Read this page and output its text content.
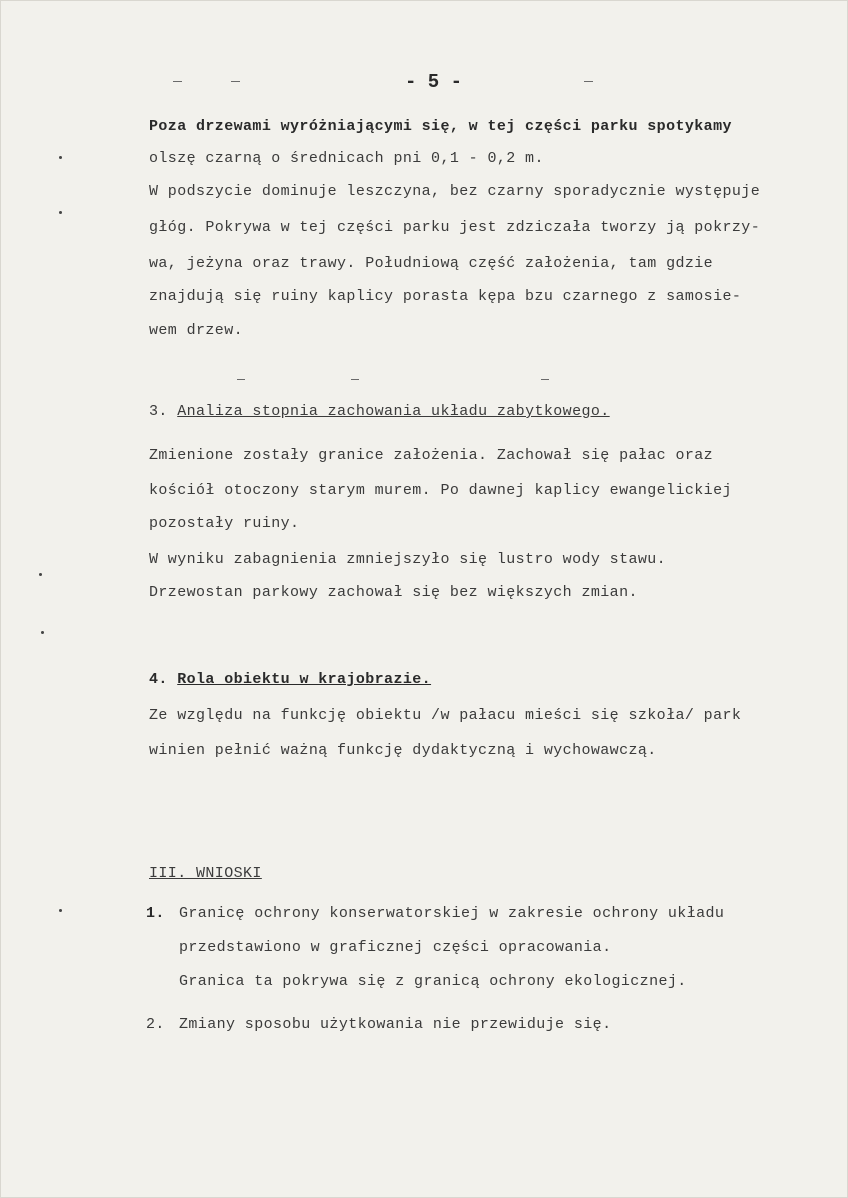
- 5 -
Poza drzewami wyróżniającymi się, w tej części parku spotykamy
olszę czarną o średnicach pni 0,1 - 0,2 m.
W podszycie dominuje leszczyna, bez czarny sporadycznie występuje
głóg. Pokrywa w tej części parku jest zdziczała tworzy ją pokrzy-
wa, jeżyna oraz trawy. Południową część założenia, tam gdzie
znajdują się ruiny kaplicy porasta kępa bzu czarnego z samosie-
wem drzew.
3. Analiza stopnia zachowania układu zabytkowego.
Zmienione zostały granice założenia. Zachował się pałac oraz
kościół otoczony starym murem. Po dawnej kaplicy ewangelickiej
pozostały ruiny.
W wyniku zabagnienia zmniejszyło się lustro wody stawu.
Drzewostan parkowy zachował się bez większych zmian.
4. Rola obiektu w krajobrazie.
Ze względu na funkcję obiektu /w pałacu mieści się szkoła/ park
winien pełnić ważną funkcję dydaktyczną i wychowawczą.
III. WNIOSKI
1. Granicę ochrony konserwatorskiej w zakresie ochrony układu
przedstawiono w graficznej części opracowania.
Granica ta pokrywa się z granicą ochrony ekologicznej.
2. Zmiany sposobu użytkowania nie przewiduje się.
